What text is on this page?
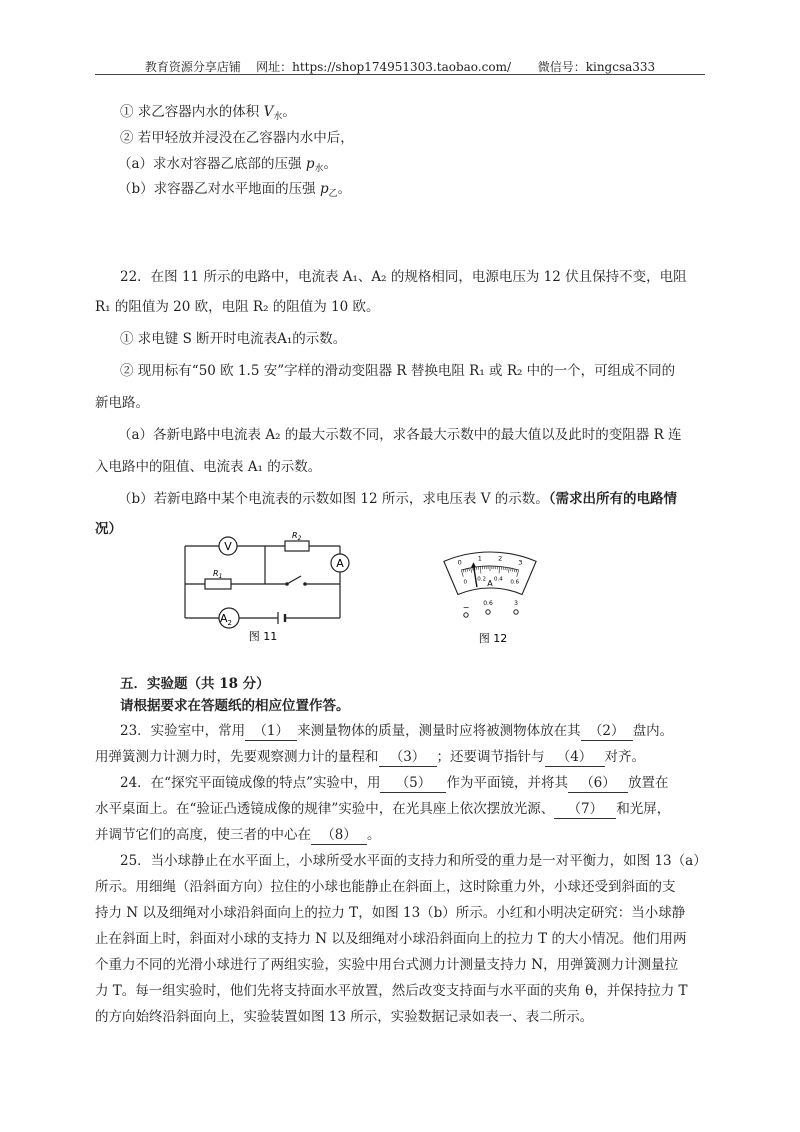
教育资源分享店铺 网址：https://shop174951303.taobao.com/ 微信号：kingcsa333
① 求乙容器内水的体积 $V_水$。
② 若甲轻放并浸没在乙容器内水中后，
（a）求水对容器乙底部的压强 $p_水$。
（b）求容器乙对水平地面的压强 $p_乙$。
22．在图 11 所示的电路中，电流表 A₁、A₂ 的规格相同，电源电压为 12 伏且保持不变，电阻
R₁ 的阻值为 20 欧，电阻 R₂ 的阻值为 10 欧。
① 求电键 S 断开时电流表A₁的示数。
② 现用标有“50 欧 1.5 安”字样的滑动变阻器 R 替换电阻 R₁ 或 R₂ 中的一个，可组成不同的
新电路。
（a）各新电路中电流表 A₂ 的最大示数不同，求各最大示数中的最大值以及此时的变阻器 R 连
入电路中的阻值、电流表 A₁ 的示数。
（b）若新电路中某个电流表的示数如图 12 所示，求电压表 V 的示数。（需求出所有的电路情
况）
V
A
$A_2$
$R_2$
$R_1$
图 11
0 1	2 3
0
0.2 0.4
0.6
A
− 0.6	3
图 12
五．实验题（共 18 分）
请根据要求在答题纸的相应位置作答。
23．实验室中，常用 （1） 来测量物体的质量，测量时应将被测物体放在其 （2） 盘内。
用弹簧测力计测力时，先要观察测力计的量程和 （3） ；还要调节指针与 （4） 对齐。
24．在“探究平面镜成像的特点”实验中，用 （5） 作为平面镜，并将其 （6） 放置在
水平桌面上。在“验证凸透镜成像的规律”实验中，在光具座上依次摆放光源、 （7） 和光屏，
并调节它们的高度，使三者的中心在 （8） 。
25．当小球静止在水平面上，小球所受水平面的支持力和所受的重力是一对平衡力，如图 13（a）
所示。用细绳（沿斜面方向）拉住的小球也能静止在斜面上，这时除重力外，小球还受到斜面的支
持力 N 以及细绳对小球沿斜面向上的拉力 T，如图 13（b）所示。小红和小明决定研究：当小球静
止在斜面上时，斜面对小球的支持力 N 以及细绳对小球沿斜面向上的拉力 T 的大小情况。他们用两
个重力不同的光滑小球进行了两组实验，实验中用台式测力计测量支持力 N，用弹簧测力计测量拉
力 T。每一组实验时，他们先将支持面水平放置，然后改变支持面与水平面的夹角 θ，并保持拉力 T
的方向始终沿斜面向上，实验装置如图 13 所示，实验数据记录如表一、表二所示。
